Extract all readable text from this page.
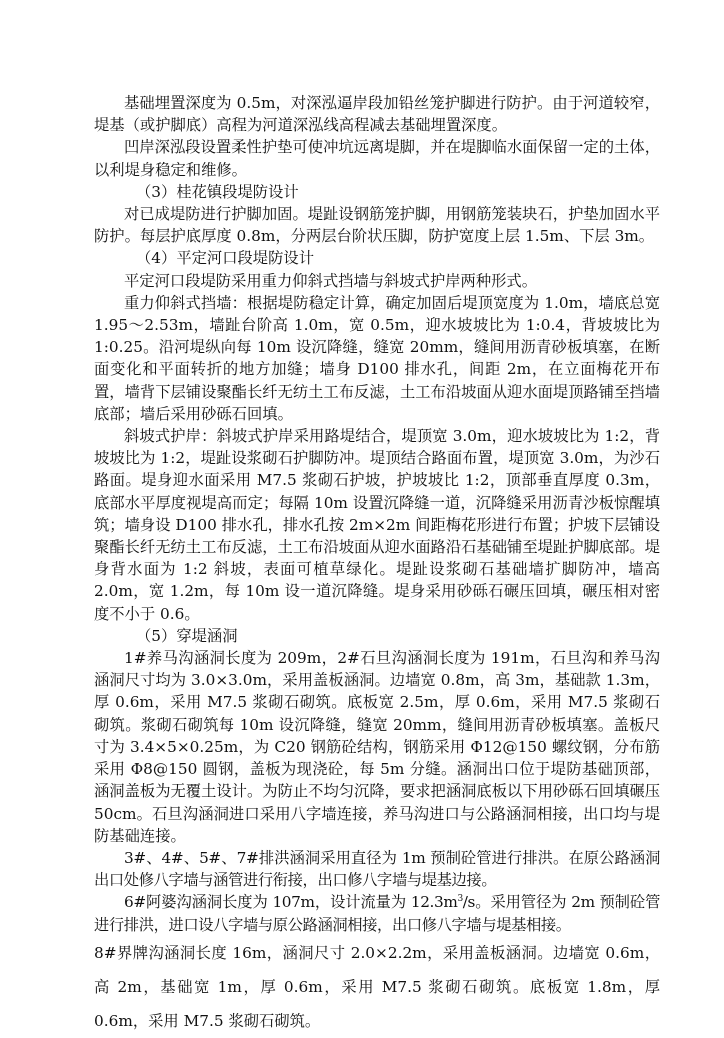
基础埋置深度为 0.5m，对深泓逼岸段加铅丝笼护脚进行防护。由于河道较窄，堤基（或护脚底）高程为河道深泓线高程减去基础埋置深度。

凹岸深泓段设置柔性护垫可使冲坑远离堤脚，并在堤脚临水面保留一定的土体，以利堤身稳定和维修。

（3）桂花镇段堤防设计

对已成堤防进行护脚加固。堤趾设钢筋笼护脚，用钢筋笼装块石，护垫加固水平防护。每层护底厚度 0.8m，分两层台阶状压脚，防护宽度上层 1.5m、下层 3m。

（4）平定河口段堤防设计

平定河口段堤防采用重力仰斜式挡墙与斜坡式护岸两种形式。

重力仰斜式挡墙：根据堤防稳定计算，确定加固后堤顶宽度为 1.0m，墙底总宽 1.95～2.53m，墙趾台阶高 1.0m，宽 0.5m，迎水坡坡比为 1:0.4，背坡坡比为 1:0.25。沿河堤纵向每 10m 设沉降缝，缝宽 20mm，缝间用沥青砂板填塞，在断面变化和平面转折的地方加缝；墙身 D100 排水孔，间距 2m，在立面梅花开布置，墙背下层铺设聚酯长纤无纺土工布反滤，土工布沿坡面从迎水面堤顶路铺至挡墙底部；墙后采用砂砾石回填。

斜坡式护岸：斜坡式护岸采用路堤结合，堤顶宽 3.0m，迎水坡坡比为 1:2，背坡坡比为 1:2，堤趾设浆砌石护脚防冲。堤顶结合路面布置，堤顶宽 3.0m，为沙石路面。堤身迎水面采用 M7.5 浆砌石护坡，护坡坡比 1:2，顶部垂直厚度 0.3m，底部水平厚度视堤高而定；每隔 10m 设置沉降缝一道，沉降缝采用沥青沙板惊醒填筑；墙身设 D100 排水孔，排水孔按 2m×2m 间距梅花形进行布置；护坡下层铺设聚酯长纤无纺土工布反滤，土工布沿坡面从迎水面路沿石基础铺至堤趾护脚底部。堤身背水面为 1:2 斜坡，表面可植草绿化。堤趾设浆砌石基础墙扩脚防冲，墙高 2.0m，宽 1.2m，每 10m 设一道沉降缝。堤身采用砂砾石碾压回填，碾压相对密度不小于 0.6。

（5）穿堤涵洞

1#养马沟涵洞长度为 209m，2#石旦沟涵洞长度为 191m，石旦沟和养马沟涵洞尺寸均为 3.0×3.0m，采用盖板涵洞。边墙宽 0.8m，高 3m，基础款 1.3m，厚 0.6m，采用 M7.5 浆砌石砌筑。底板宽 2.5m，厚 0.6m，采用 M7.5 浆砌石砌筑。浆砌石砌筑每 10m 设沉降缝，缝宽 20mm，缝间用沥青砂板填塞。盖板尺寸为 3.4×5×0.25m，为 C20 钢筋砼结构，钢筋采用 Φ12@150 螺纹钢，分布筋采用 Φ8@150 圆钢，盖板为现浇砼，每 5m 分缝。涵洞出口位于堤防基础顶部，涵洞盖板为无覆土设计。为防止不均匀沉降，要求把涵洞底板以下用砂砾石回填碾压 50cm。石旦沟涵洞进口采用八字墙连接，养马沟进口与公路涵洞相接，出口均与堤防基础连接。

3#、4#、5#、7#排洪涵洞采用直径为 1m 预制砼管进行排洪。在原公路涵洞出口处修八字墙与涵管进行衔接，出口修八字墙与堤基边接。

6#阿婆沟涵洞长度为 107m，设计流量为 $12.3m^3/s$。采用管径为 2m 预制砼管进行排洪，进口设八字墙与原公路涵洞相接，出口修八字墙与堤基相接。

8#界牌沟涵洞长度 16m，涵洞尺寸 2.0×2.2m，采用盖板涵洞。边墙宽 0.6m，高 2m，基础宽 1m，厚 0.6m，采用 M7.5 浆砌石砌筑。底板宽 1.8m，厚 0.6m，采用 M7.5 浆砌石砌筑。
